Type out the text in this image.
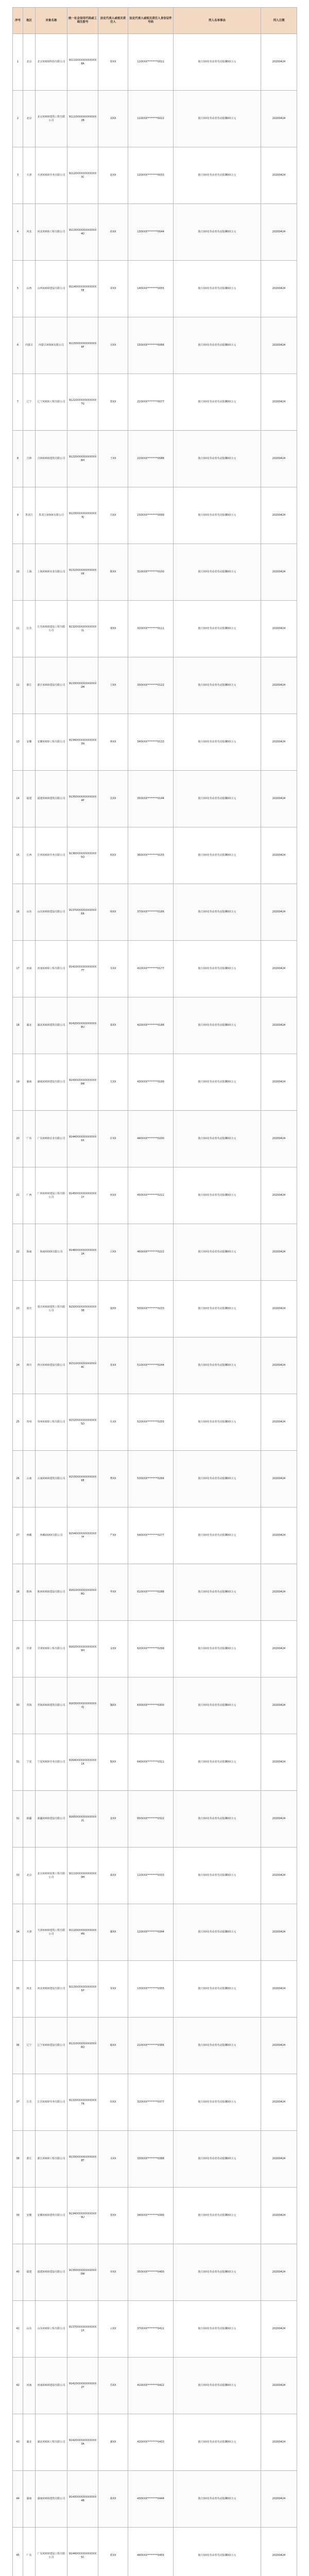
序号	地区	对象名称	统一社会信用代码或工商注册号	法定代表人或相关责任人	法定代表人或相关责任人身份证件号码	列入名单事由	列入日期
1	北京	北京XXXX科技有限公司	91110XXXXXXXXXXX8A	徐XX	110XXX********0011	拖欠XX名劳动者劳动报酬XX万元	20200424
2	北京	北京XXXX建筑工程有限公司	91110XXXXXXXXXXX2B	刘XX	110XXX********0022	拖欠XX名劳动者劳动报酬XX万元	20200424
3	天津	天津XXXX劳务有限公司	91120XXXXXXXXXXX3C	赵XX	120XXX********0033	拖欠XX名劳动者劳动报酬XX万元	20200424
4	河北	河北XXXX工程有限公司	91130XXXXXXXXXXX4D	孙XX	130XXX********0044	拖欠XX名劳动者劳动报酬XX万元	20200424
5	山西	山西XXXX建设有限公司	91140XXXXXXXXXXX5E	周XX	140XXX********0055	拖欠XX名劳动者劳动报酬XX万元	20200424
6	内蒙古	内蒙古XXXX有限公司	91150XXXXXXXXXXX6F	吴XX	150XXX********0066	拖欠XX名劳动者劳动报酬XX万元	20200424
7	辽宁	辽宁XXXX工程有限公司	91210XXXXXXXXXXX7G	郑XX	210XXX********0077	拖欠XX名劳动者劳动报酬XX万元	20200424
8	吉林	吉林XXXX建筑有限公司	91220XXXXXXXXXXX8H	王XX	220XXX********0088	拖欠XX名劳动者劳动报酬XX万元	20200424
9	黑龙江	黑龙江XXXX有限公司	91230XXXXXXXXXXX9J	冯XX	230XXX********0099	拖欠XX名劳动者劳动报酬XX万元	20200424
10	上海	上海XXXX实业有限公司	91310XXXXXXXXXXX0K	陈XX	310XXX********0100	拖欠XX名劳动者劳动报酬XX万元	20200424
11	江苏	江苏XXXX建设工程有限公司	91320XXXXXXXXXXX1L	褚XX	320XXX********0111	拖欠XX名劳动者劳动报酬XX万元	20200424
12	浙江	浙江XXXX建设有限公司	91330XXXXXXXXXXX2M	卫XX	330XXX********0122	拖欠XX名劳动者劳动报酬XX万元	20200424
13	安徽	安徽XXXX工程有限公司	91340XXXXXXXXXXX3N	蒋XX	340XXX********0133	拖欠XX名劳动者劳动报酬XX万元	20200424
14	福建	福建XXXX建筑有限公司	91350XXXXXXXXXXX4P	沈XX	350XXX********0144	拖欠XX名劳动者劳动报酬XX万元	20200424
15	江西	江西XXXX劳务有限公司	91360XXXXXXXXXXX5Q	韩XX	360XXX********0155	拖欠XX名劳动者劳动报酬XX万元	20200424
16	山东	山东XXXX建设有限公司	91370XXXXXXXXXXX6R	杨XX	370XXX********0166	拖欠XX名劳动者劳动报酬XX万元	20200424
17	河南	河南XXXX工程有限公司	91410XXXXXXXXXXX7T	朱XX	410XXX********0177	拖欠XX名劳动者劳动报酬XX万元	20200424
18	湖北	湖北XXXX建筑有限公司	91420XXXXXXXXXXX8U	秦XX	420XXX********0188	拖欠XX名劳动者劳动报酬XX万元	20200424
19	湖南	湖南XXXX建设有限公司	91430XXXXXXXXXXX9W	尤XX	430XXX********0199	拖欠XX名劳动者劳动报酬XX万元	20200424
20	广东	广东XXXX实业有限公司	91440XXXXXXXXXXX0X	许XX	440XXX********0200	拖欠XX名劳动者劳动报酬XX万元	20200424
21	广西	广西XXXX建设工程有限公司	91450XXXXXXXXXXX1Y	何XX	450XXX********0211	拖欠XX名劳动者劳动报酬XX万元	20200424
22	海南	海南XXXX有限公司	91460XXXXXXXXXXX2A	吕XX	460XXX********0222	拖欠XX名劳动者劳动报酬XX万元	20200424
23	重庆	重庆XXXX建筑工程有限公司	91500XXXXXXXXXXX3B	施XX	500XXX********0233	拖欠XX名劳动者劳动报酬XX万元	20200424
24	四川	四川XXXX建设有限公司	91510XXXXXXXXXXX4C	张XX	510XXX********0244	拖欠XX名劳动者劳动报酬XX万元	20200424
25	贵州	贵州XXXX工程有限公司	91520XXXXXXXXXXX5D	孔XX	520XXX********0255	拖欠XX名劳动者劳动报酬XX万元	20200424
26	云南	云南XXXX建筑有限公司	91530XXXXXXXXXXX6E	曹XX	530XXX********0266	拖欠XX名劳动者劳动报酬XX万元	20200424
27	西藏	西藏XXXX有限公司	91540XXXXXXXXXXX7F	严XX	540XXX********0277	拖欠XX名劳动者劳动报酬XX万元	20200424
28	陕西	陕西XXXX建设有限公司	91610XXXXXXXXXXX8G	华XX	610XXX********0288	拖欠XX名劳动者劳动报酬XX万元	20200424
29	甘肃	甘肃XXXX工程有限公司	91620XXXXXXXXXXX9H	金XX	620XXX********0299	拖欠XX名劳动者劳动报酬XX万元	20200424
30	青海	青海XXXX建筑有限公司	91630XXXXXXXXXXX0J	魏XX	630XXX********0300	拖欠XX名劳动者劳动报酬XX万元	20200424
31	宁夏	宁夏XXXX劳务有限公司	91640XXXXXXXXXXX1K	陶XX	640XXX********0311	拖欠XX名劳动者劳动报酬XX万元	20200424
32	新疆	新疆XXXX建设有限公司	91650XXXXXXXXXXX2L	姜XX	650XXX********0322	拖欠XX名劳动者劳动报酬XX万元	20200424
33	北京	北京XXXX装饰工程有限公司	91110XXXXXXXXXXX3M	戚XX	110XXX********0333	拖欠XX名劳动者劳动报酬XX万元	20200424
34	天津	天津XXXX建筑工程有限公司	91120XXXXXXXXXXX4N	谢XX	120XXX********0344	拖欠XX名劳动者劳动报酬XX万元	20200424
35	河北	河北XXXX建设有限公司	91130XXXXXXXXXXX5P	邹XX	130XXX********0355	拖欠XX名劳动者劳动报酬XX万元	20200424
36	辽宁	辽宁XXXX建设有限公司	91210XXXXXXXXXXX6Q	喻XX	210XXX********0366	拖欠XX名劳动者劳动报酬XX万元	20200424
37	江苏	江苏XXXX劳务有限公司	91320XXXXXXXXXXX7R	柏XX	320XXX********0377	拖欠XX名劳动者劳动报酬XX万元	20200424
38	浙江	浙江XXXX工程有限公司	91330XXXXXXXXXXX8T	水XX	330XXX********0388	拖欠XX名劳动者劳动报酬XX万元	20200424
39	安徽	安徽XXXX建筑有限公司	91340XXXXXXXXXXX9U	窦XX	340XXX********0399	拖欠XX名劳动者劳动报酬XX万元	20200424
40	福建	福建XXXX建设有限公司	91350XXXXXXXXXXX0W	章XX	350XXX********0400	拖欠XX名劳动者劳动报酬XX万元	20200424
41	山东	山东XXXX工程有限公司	91370XXXXXXXXXXX1X	云XX	370XXX********0411	拖欠XX名劳动者劳动报酬XX万元	20200424
42	河南	河南XXXX建设有限公司	91410XXXXXXXXXXX2Y	苏XX	410XXX********0422	拖欠XX名劳动者劳动报酬XX万元	20200424
43	湖北	湖北XXXX工程有限公司	91420XXXXXXXXXXX3A	潘XX	420XXX********0433	拖欠XX名劳动者劳动报酬XX万元	20200424
44	湖南	湖南XXXX建筑有限公司	91430XXXXXXXXXXX4B	葛XX	430XXX********0444	拖欠XX名劳动者劳动报酬XX万元	20200424
45	广东	广东XXXX建设工程有限公司	91440XXXXXXXXXXX5C	奚XX	440XXX********0455	拖欠XX名劳动者劳动报酬XX万元	20200424
